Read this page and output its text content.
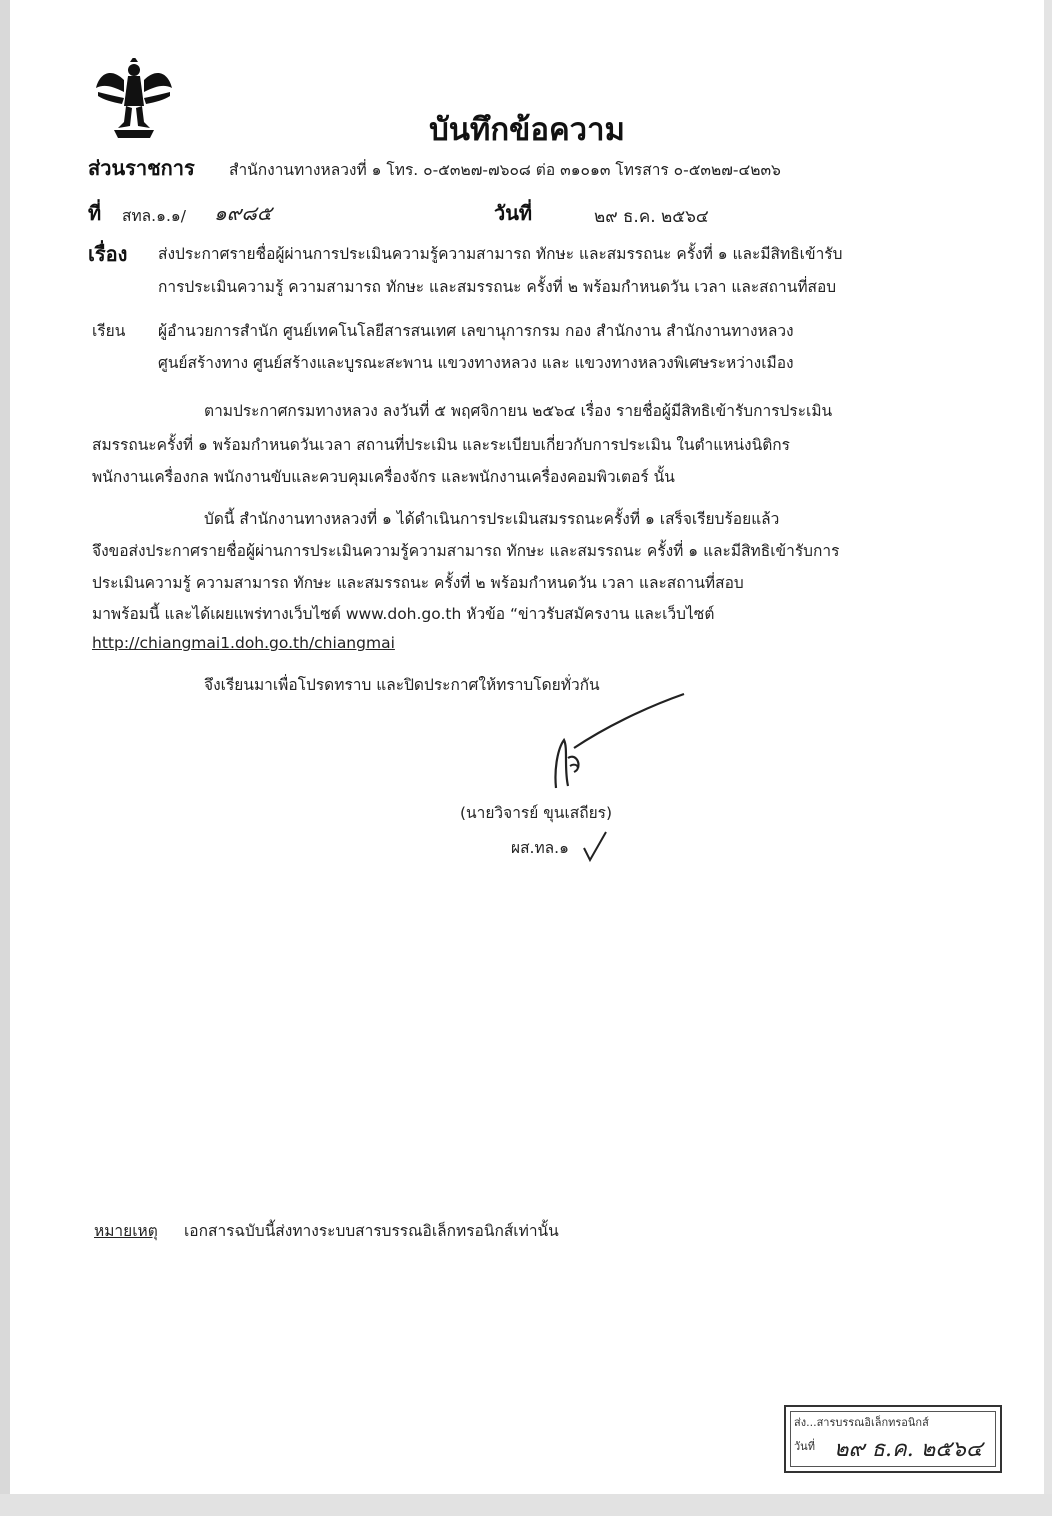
บันทึกข้อความ
ส่วนราชการ สำนักงานทางหลวงที่ ๑ โทร. ๐-๕๓๒๗-๗๖๐๘ ต่อ ๓๑๐๑๓ โทรสาร ๐-๕๓๒๗-๔๒๓๖
ที่ สทล.๑.๑/ ๑๙๘๕	วันที่	๒๙ ธ.ค. ๒๕๖๔
เรื่อง ส่งประกาศรายชื่อผู้ผ่านการประเมินความรู้ความสามารถ ทักษะ และสมรรถนะ ครั้งที่ ๑ และมีสิทธิเข้ารับ
การประเมินความรู้ ความสามารถ ทักษะ และสมรรถนะ ครั้งที่ ๒ พร้อมกำหนดวัน เวลา และสถานที่สอบ
เรียน ผู้อำนวยการสำนัก ศูนย์เทคโนโลยีสารสนเทศ เลขานุการกรม กอง สำนักงาน สำนักงานทางหลวง
ศูนย์สร้างทาง ศูนย์สร้างและบูรณะสะพาน แขวงทางหลวง และ แขวงทางหลวงพิเศษระหว่างเมือง
ตามประกาศกรมทางหลวง ลงวันที่ ๕ พฤศจิกายน ๒๕๖๔ เรื่อง รายชื่อผู้มีสิทธิเข้ารับการประเมิน
สมรรถนะครั้งที่ ๑ พร้อมกำหนดวันเวลา สถานที่ประเมิน และระเบียบเกี่ยวกับการประเมิน ในตำแหน่งนิติกร
พนักงานเครื่องกล พนักงานขับและควบคุมเครื่องจักร และพนักงานเครื่องคอมพิวเตอร์ นั้น
บัดนี้ สำนักงานทางหลวงที่ ๑ ได้ดำเนินการประเมินสมรรถนะครั้งที่ ๑ เสร็จเรียบร้อยแล้ว
จึงขอส่งประกาศรายชื่อผู้ผ่านการประเมินความรู้ความสามารถ ทักษะ และสมรรถนะ ครั้งที่ ๑ และมีสิทธิเข้ารับการ
ประเมินความรู้ ความสามารถ ทักษะ และสมรรถนะ ครั้งที่ ๒ พร้อมกำหนดวัน เวลา และสถานที่สอบ
มาพร้อมนี้ และได้เผยแพร่ทางเว็บไซต์ www.doh.go.th หัวข้อ “ข่าวรับสมัครงาน และเว็บไซต์
http://chiangmai1.doh.go.th/chiangmai
จึงเรียนมาเพื่อโปรดทราบ และปิดประกาศให้ทราบโดยทั่วกัน
(นายวิจารย์ ขุนเสถียร)
ผส.ทล.๑
หมายเหตุ เอกสารฉบับนี้ส่งทางระบบสารบรรณอิเล็กทรอนิกส์เท่านั้น
ส่ง...สารบรรณอิเล็กทรอนิกส์
วันที่ ๒๙ ธ.ค. ๒๕๖๔
